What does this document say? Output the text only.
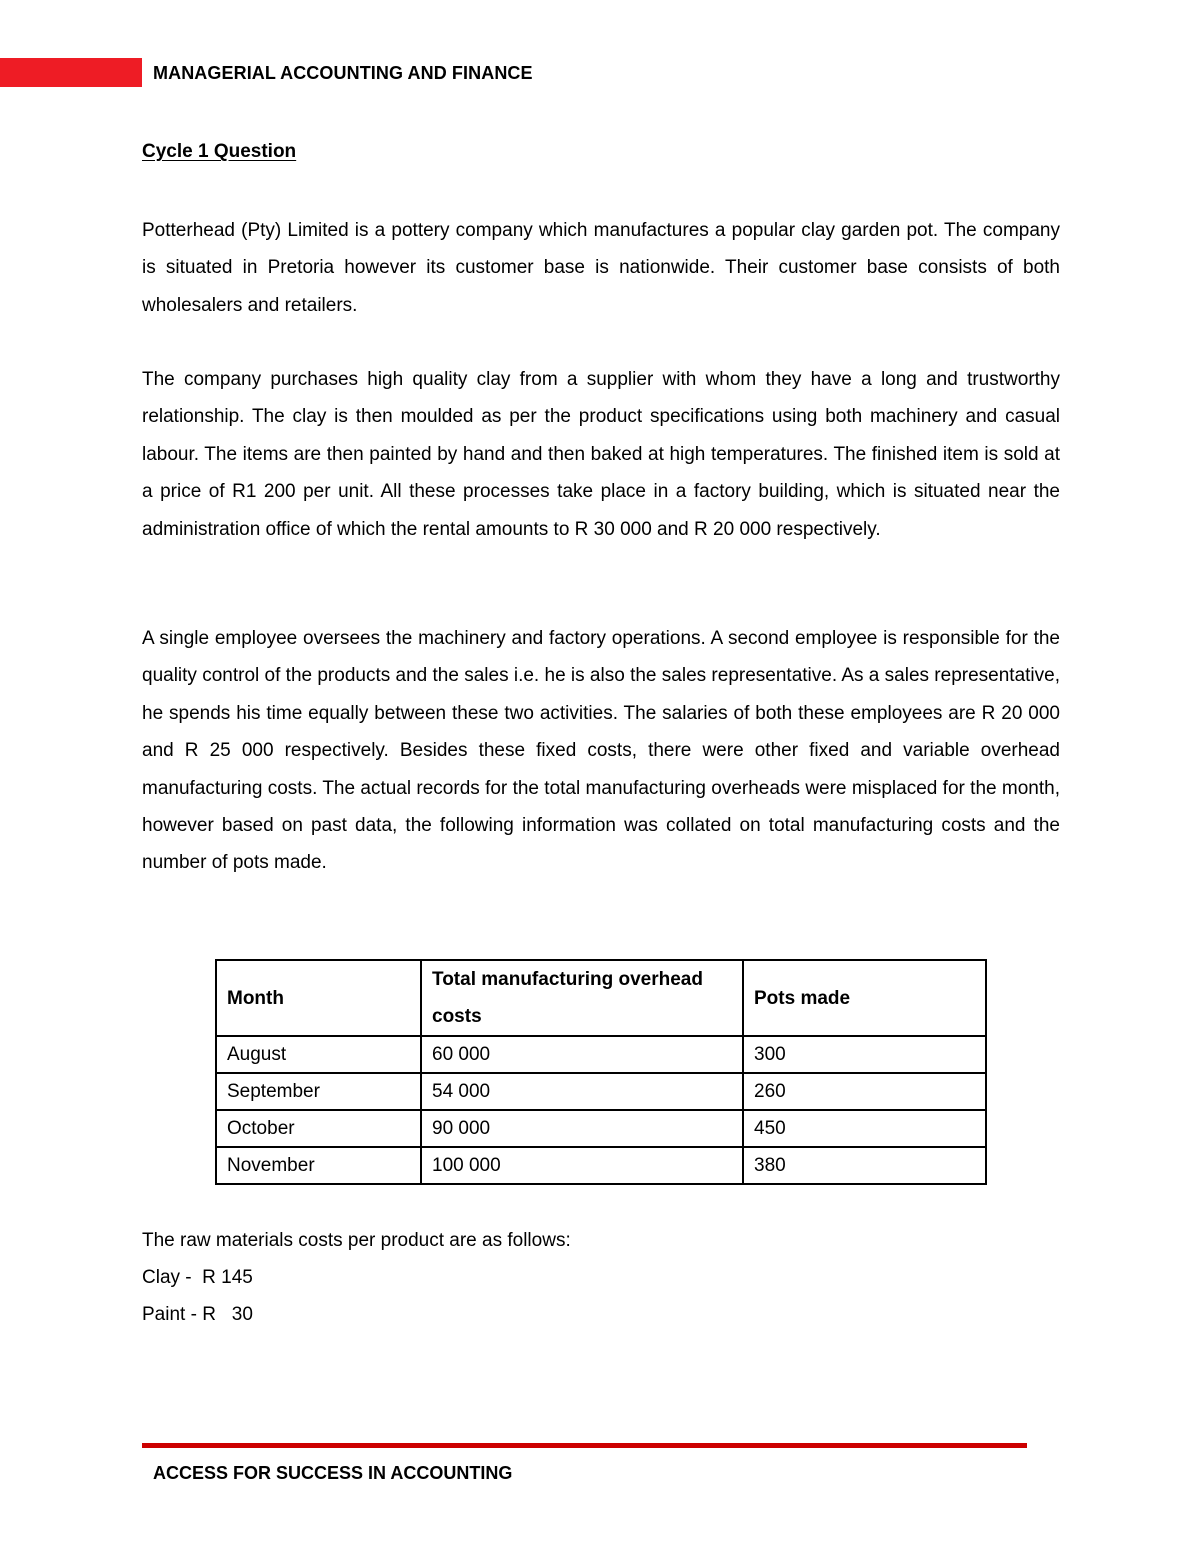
MANAGERIAL ACCOUNTING AND FINANCE
Cycle 1 Question

Potterhead (Pty) Limited is a pottery company which manufactures a popular clay garden pot. The company is situated in Pretoria however its customer base is nationwide. Their customer base consists of both wholesalers and retailers.

The company purchases high quality clay from a supplier with whom they have a long and trustworthy relationship. The clay is then moulded as per the product specifications using both machinery and casual labour. The items are then painted by hand and then baked at high temperatures. The finished item is sold at a price of R1 200 per unit. All these processes take place in a factory building, which is situated near the administration office of which the rental amounts to R 30 000 and R 20 000 respectively.

A single employee oversees the machinery and factory operations. A second employee is responsible for the quality control of the products and the sales i.e. he is also the sales representative. As a sales representative, he spends his time equally between these two activities. The salaries of both these employees are R 20 000 and R 25 000 respectively. Besides these fixed costs, there were other fixed and variable overhead manufacturing costs. The actual records for the total manufacturing overheads were misplaced for the month, however based on past data, the following information was collated on total manufacturing costs and the number of pots made.

Month	Total manufacturing overhead costs	Pots made
August	60 000	300
September	54 000	260
October	90 000	450
November	100 000	380
The raw materials costs per product are as follows:
Clay -  R 145
Paint - R   30
ACCESS FOR SUCCESS IN ACCOUNTING
